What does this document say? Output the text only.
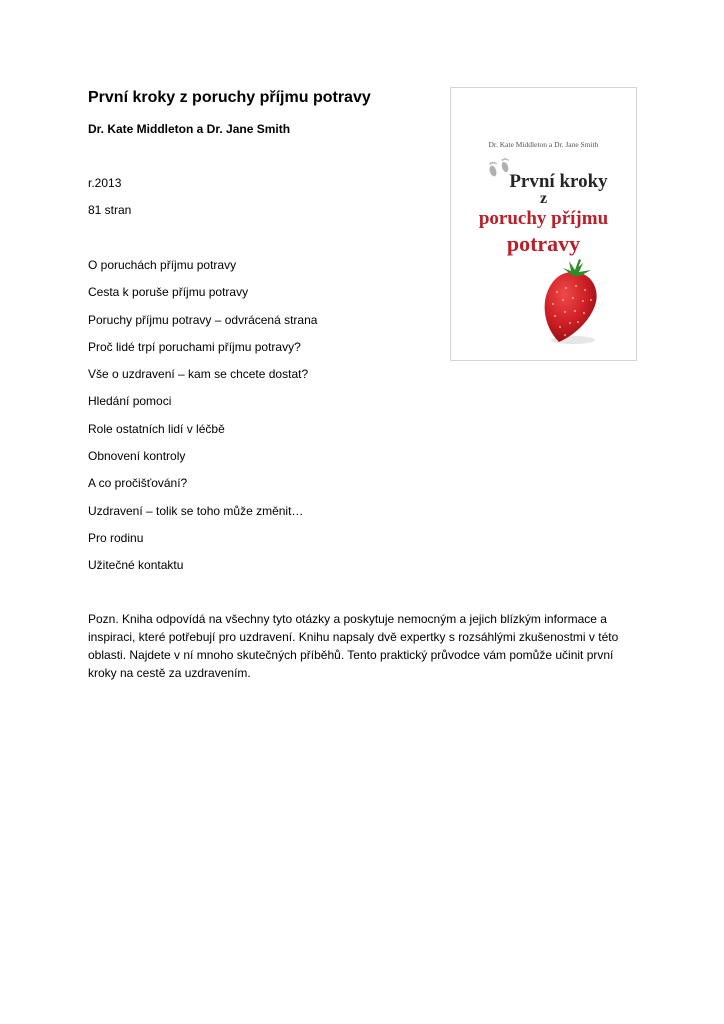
První kroky z poruchy příjmu potravy
Dr. Kate Middleton a Dr. Jane Smith
r.2013
81 stran
O poruchách příjmu potravy
Cesta k poruše příjmu potravy
Poruchy příjmu potravy – odvrácená strana
Proč lidé trpí poruchami příjmu potravy?
Vše o uzdravení – kam se chcete dostat?
Hledání pomoci
Role ostatních lidí v léčbě
Obnovení kontroly
A co pročišťování?
Uzdravení – tolik se toho může změnit…
Pro rodinu
Užitečné kontaktu

Pozn. Kniha odpovídá na všechny tyto otázky a poskytuje nemocným a jejich blízkým informace a inspiraci, které potřebují pro uzdravení. Knihu napsaly dvě expertky s rozsáhlými zkušenostmi v této oblasti. Najdete v ní mnoho skutečných příběhů. Tento praktický průvodce vám pomůže učinit první kroky na cestě za uzdravením.

Dr. Kate Middleton a Dr. Jane Smith
První kroky
z
poruchy příjmu
potravy
